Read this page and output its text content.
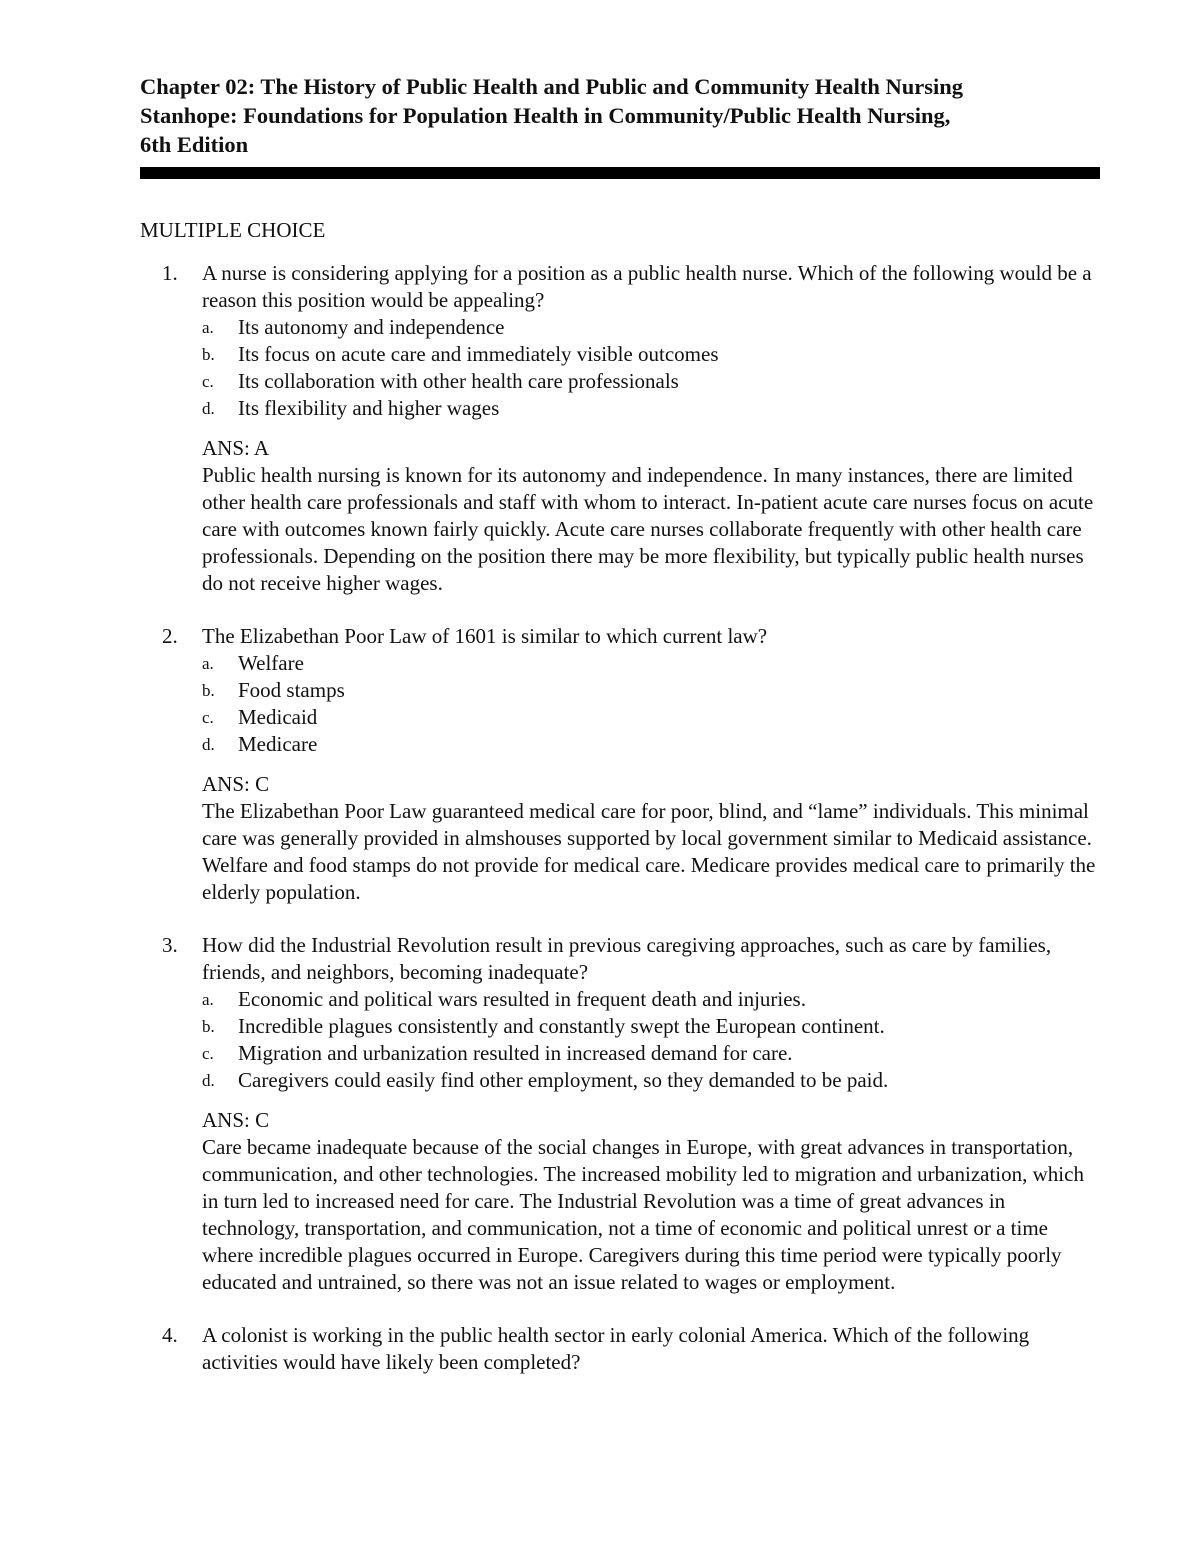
Chapter 02: The History of Public Health and Public and Community Health Nursing

Stanhope: Foundations for Population Health in Community/Public Health Nursing,

6th Edition

MULTIPLE CHOICE
1.	A nurse is considering applying for a position as a public health nurse. Which of the following would be a reason this position would be appealing?

a. Its autonomy and independence
b. Its focus on acute care and immediately visible outcomes
c. Its collaboration with other health care professionals
d. Its flexibility and higher wages

ANS: A

Public health nursing is known for its autonomy and independence. In many instances, there are limited other health care professionals and staff with whom to interact. In-patient acute care nurses focus on acute care with outcomes known fairly quickly. Acute care nurses collaborate frequently with other health care professionals. Depending on the position there may be more flexibility, but typically public health nurses do not receive higher wages.

2.	The Elizabethan Poor Law of 1601 is similar to which current law?

a. Welfare
b. Food stamps
c. Medicaid
d. Medicare

ANS: C

The Elizabethan Poor Law guaranteed medical care for poor, blind, and “lame” individuals. This minimal care was generally provided in almshouses supported by local government similar to Medicaid assistance. Welfare and food stamps do not provide for medical care. Medicare provides medical care to primarily the elderly population.

3.	How did the Industrial Revolution result in previous caregiving approaches, such as care by families, friends, and neighbors, becoming inadequate?

a. Economic and political wars resulted in frequent death and injuries.
b. Incredible plagues consistently and constantly swept the European continent.
c. Migration and urbanization resulted in increased demand for care.
d. Caregivers could easily find other employment, so they demanded to be paid.

ANS: C

Care became inadequate because of the social changes in Europe, with great advances in transportation, communication, and other technologies. The increased mobility led to migration and urbanization, which in turn led to increased need for care. The Industrial Revolution was a time of great advances in technology, transportation, and communication, not a time of economic and political unrest or a time where incredible plagues occurred in Europe. Caregivers during this time period were typically poorly educated and untrained, so there was not an issue related to wages or employment.

4.	A colonist is working in the public health sector in early colonial America. Which of the following activities would have likely been completed?
